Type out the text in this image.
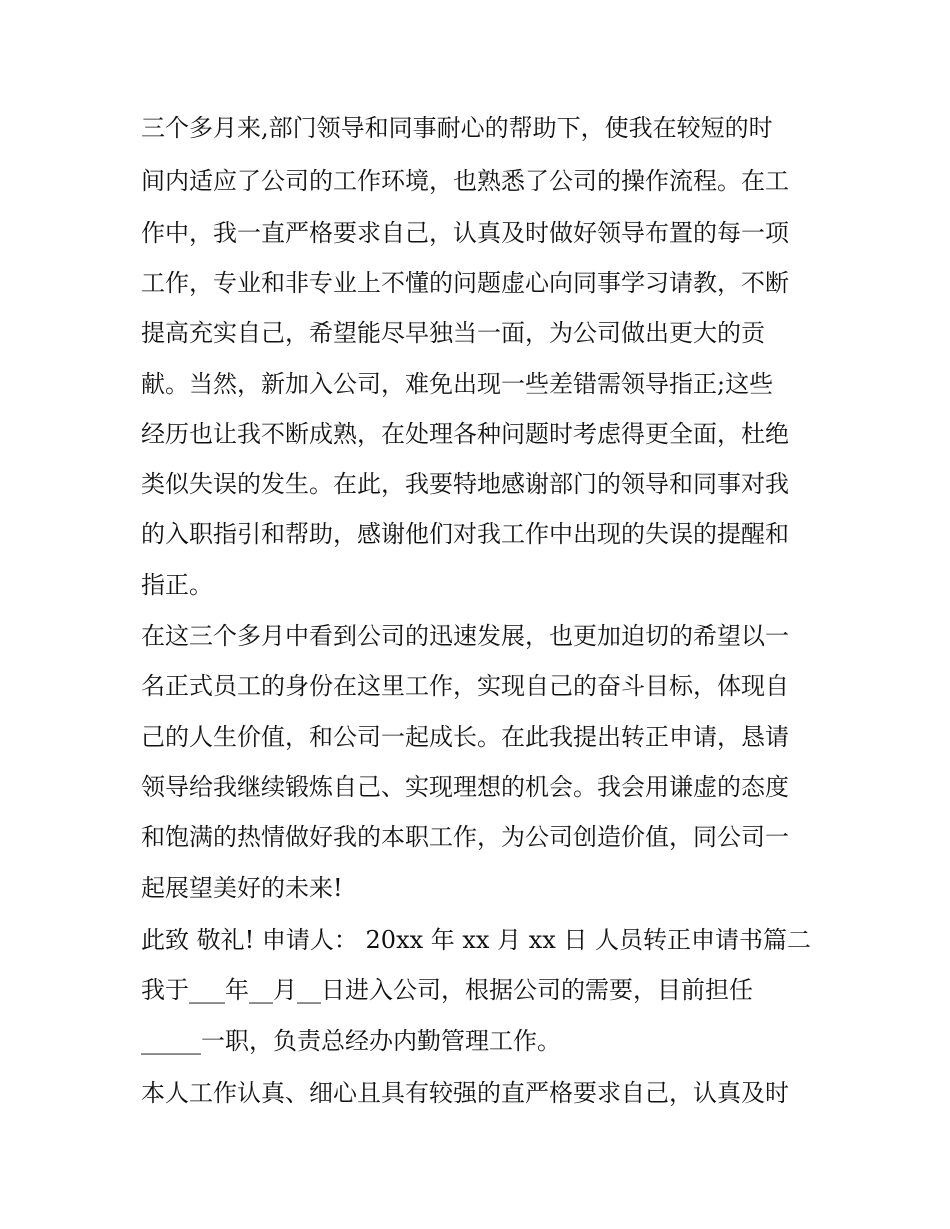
三个多月来,部门领导和同事耐心的帮助下，使我在较短的时
间内适应了公司的工作环境，也熟悉了公司的操作流程。在工
作中，我一直严格要求自己，认真及时做好领导布置的每一项
工作，专业和非专业上不懂的问题虚心向同事学习请教，不断
提高充实自己，希望能尽早独当一面，为公司做出更大的贡
献。当然，新加入公司，难免出现一些差错需领导指正;这些
经历也让我不断成熟，在处理各种问题时考虑得更全面，杜绝
类似失误的发生。在此，我要特地感谢部门的领导和同事对我
的入职指引和帮助，感谢他们对我工作中出现的失误的提醒和
指正。
在这三个多月中看到公司的迅速发展，也更加迫切的希望以一
名正式员工的身份在这里工作，实现自己的奋斗目标，体现自
己的人生价值，和公司一起成长。在此我提出转正申请，恳请
领导给我继续锻炼自己、实现理想的机会。我会用谦虚的态度
和饱满的热情做好我的本职工作，为公司创造价值，同公司一
起展望美好的未来!
此致 敬礼! 申请人： 20xx 年 xx 月 xx 日 人员转正申请书篇二
我于___年__月__日进入公司，根据公司的需要，目前担任
_____一职，负责总经办内勤管理工作。
本人工作认真、细心且具有较强的直严格要求自己，认真及时
